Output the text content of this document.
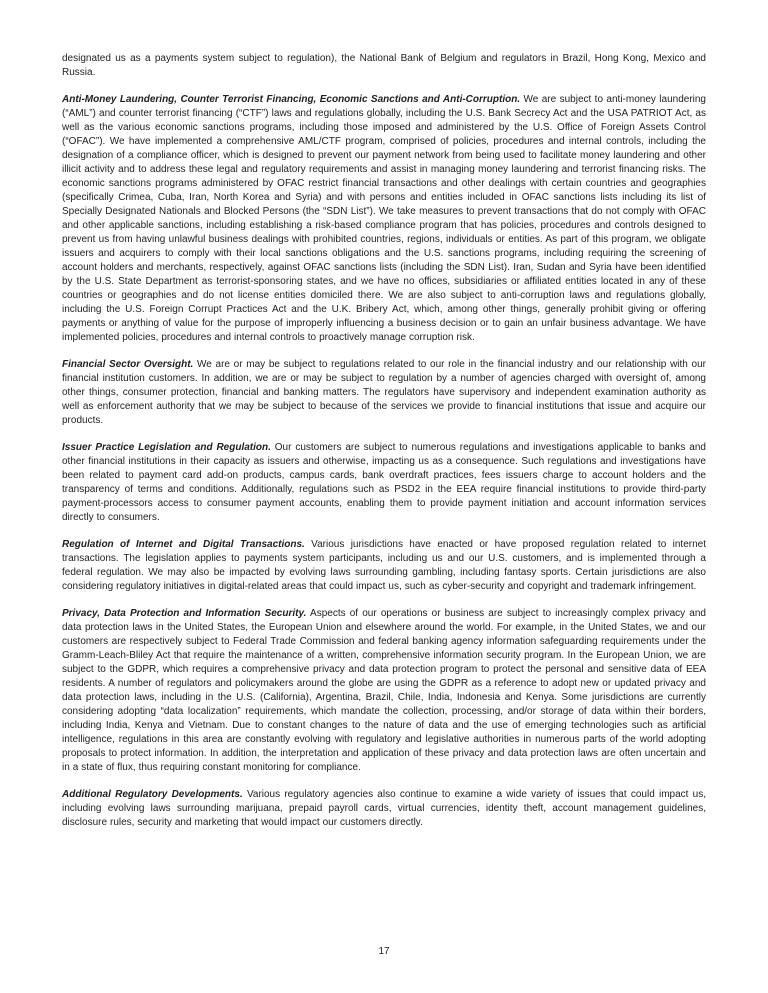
designated us as a payments system subject to regulation), the National Bank of Belgium and regulators in Brazil, Hong Kong, Mexico and Russia.

Anti-Money Laundering, Counter Terrorist Financing, Economic Sanctions and Anti-Corruption. We are subject to anti-money laundering (“AML”) and counter terrorist financing (“CTF”) laws and regulations globally, including the U.S. Bank Secrecy Act and the USA PATRIOT Act, as well as the various economic sanctions programs, including those imposed and administered by the U.S. Office of Foreign Assets Control (“OFAC”). We have implemented a comprehensive AML/CTF program, comprised of policies, procedures and internal controls, including the designation of a compliance officer, which is designed to prevent our payment network from being used to facilitate money laundering and other illicit activity and to address these legal and regulatory requirements and assist in managing money laundering and terrorist financing risks. The economic sanctions programs administered by OFAC restrict financial transactions and other dealings with certain countries and geographies (specifically Crimea, Cuba, Iran, North Korea and Syria) and with persons and entities included in OFAC sanctions lists including its list of Specially Designated Nationals and Blocked Persons (the “SDN List”). We take measures to prevent transactions that do not comply with OFAC and other applicable sanctions, including establishing a risk-based compliance program that has policies, procedures and controls designed to prevent us from having unlawful business dealings with prohibited countries, regions, individuals or entities. As part of this program, we obligate issuers and acquirers to comply with their local sanctions obligations and the U.S. sanctions programs, including requiring the screening of account holders and merchants, respectively, against OFAC sanctions lists (including the SDN List). Iran, Sudan and Syria have been identified by the U.S. State Department as terrorist-sponsoring states, and we have no offices, subsidiaries or affiliated entities located in any of these countries or geographies and do not license entities domiciled there. We are also subject to anti-corruption laws and regulations globally, including the U.S. Foreign Corrupt Practices Act and the U.K. Bribery Act, which, among other things, generally prohibit giving or offering payments or anything of value for the purpose of improperly influencing a business decision or to gain an unfair business advantage. We have implemented policies, procedures and internal controls to proactively manage corruption risk.

Financial Sector Oversight. We are or may be subject to regulations related to our role in the financial industry and our relationship with our financial institution customers. In addition, we are or may be subject to regulation by a number of agencies charged with oversight of, among other things, consumer protection, financial and banking matters. The regulators have supervisory and independent examination authority as well as enforcement authority that we may be subject to because of the services we provide to financial institutions that issue and acquire our products.

Issuer Practice Legislation and Regulation. Our customers are subject to numerous regulations and investigations applicable to banks and other financial institutions in their capacity as issuers and otherwise, impacting us as a consequence. Such regulations and investigations have been related to payment card add-on products, campus cards, bank overdraft practices, fees issuers charge to account holders and the transparency of terms and conditions. Additionally, regulations such as PSD2 in the EEA require financial institutions to provide third-party payment-processors access to consumer payment accounts, enabling them to provide payment initiation and account information services directly to consumers.

Regulation of Internet and Digital Transactions. Various jurisdictions have enacted or have proposed regulation related to internet transactions. The legislation applies to payments system participants, including us and our U.S. customers, and is implemented through a federal regulation. We may also be impacted by evolving laws surrounding gambling, including fantasy sports. Certain jurisdictions are also considering regulatory initiatives in digital-related areas that could impact us, such as cyber-security and copyright and trademark infringement.

Privacy, Data Protection and Information Security. Aspects of our operations or business are subject to increasingly complex privacy and data protection laws in the United States, the European Union and elsewhere around the world. For example, in the United States, we and our customers are respectively subject to Federal Trade Commission and federal banking agency information safeguarding requirements under the Gramm-Leach-Bliley Act that require the maintenance of a written, comprehensive information security program. In the European Union, we are subject to the GDPR, which requires a comprehensive privacy and data protection program to protect the personal and sensitive data of EEA residents. A number of regulators and policymakers around the globe are using the GDPR as a reference to adopt new or updated privacy and data protection laws, including in the U.S. (California), Argentina, Brazil, Chile, India, Indonesia and Kenya. Some jurisdictions are currently considering adopting “data localization” requirements, which mandate the collection, processing, and/or storage of data within their borders, including India, Kenya and Vietnam. Due to constant changes to the nature of data and the use of emerging technologies such as artificial intelligence, regulations in this area are constantly evolving with regulatory and legislative authorities in numerous parts of the world adopting proposals to protect information. In addition, the interpretation and application of these privacy and data protection laws are often uncertain and in a state of flux, thus requiring constant monitoring for compliance.

Additional Regulatory Developments. Various regulatory agencies also continue to examine a wide variety of issues that could impact us, including evolving laws surrounding marijuana, prepaid payroll cards, virtual currencies, identity theft, account management guidelines, disclosure rules, security and marketing that would impact our customers directly.

17
